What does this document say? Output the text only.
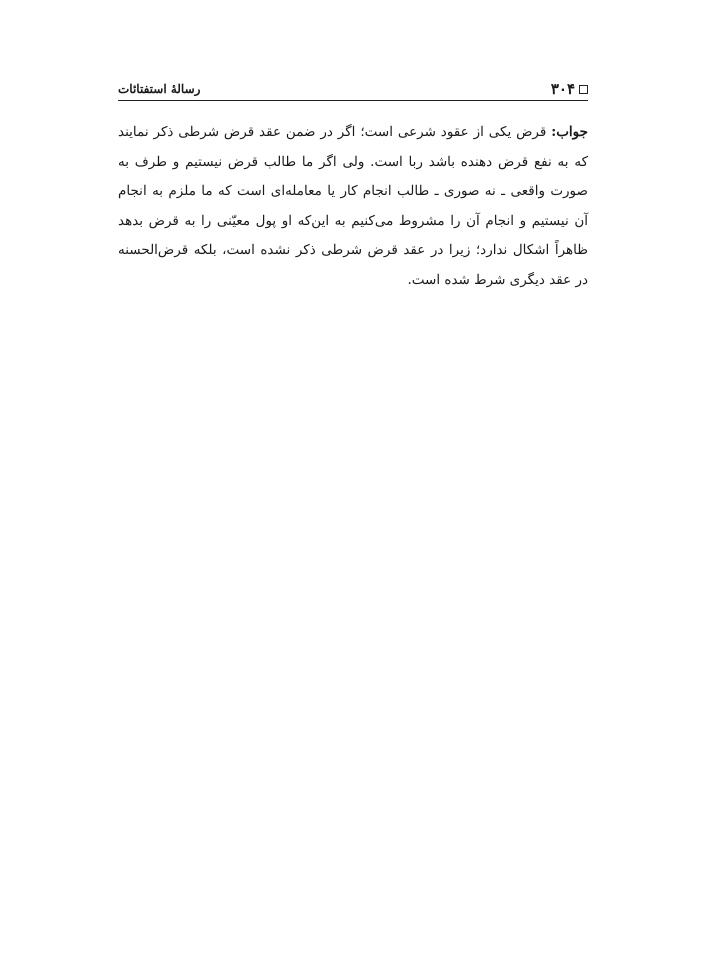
۳۰۴
رسالهٔ استفتائات

جواب: قرض یکی از عقود شرعی است؛ اگر در ضمن عقد قرض شرطی ذکر نمایند که به نفع قرض دهنده باشد ربا است. ولی اگر ما طالب قرض نیستیم و طرف به صورت واقعی ـ نه صوری ـ طالب انجام کار یا معامله‌ای است که ما ملزم به انجام آن نیستیم و انجام آن را مشروط می‌کنیم به این‌که او پول معیّنی را به قرض بدهد ظاهراً اشکال ندارد؛ زیرا در عقد قرض شرطی ذکر نشده است، بلکه قرض‌الحسنه در عقد دیگری شرط شده است.
